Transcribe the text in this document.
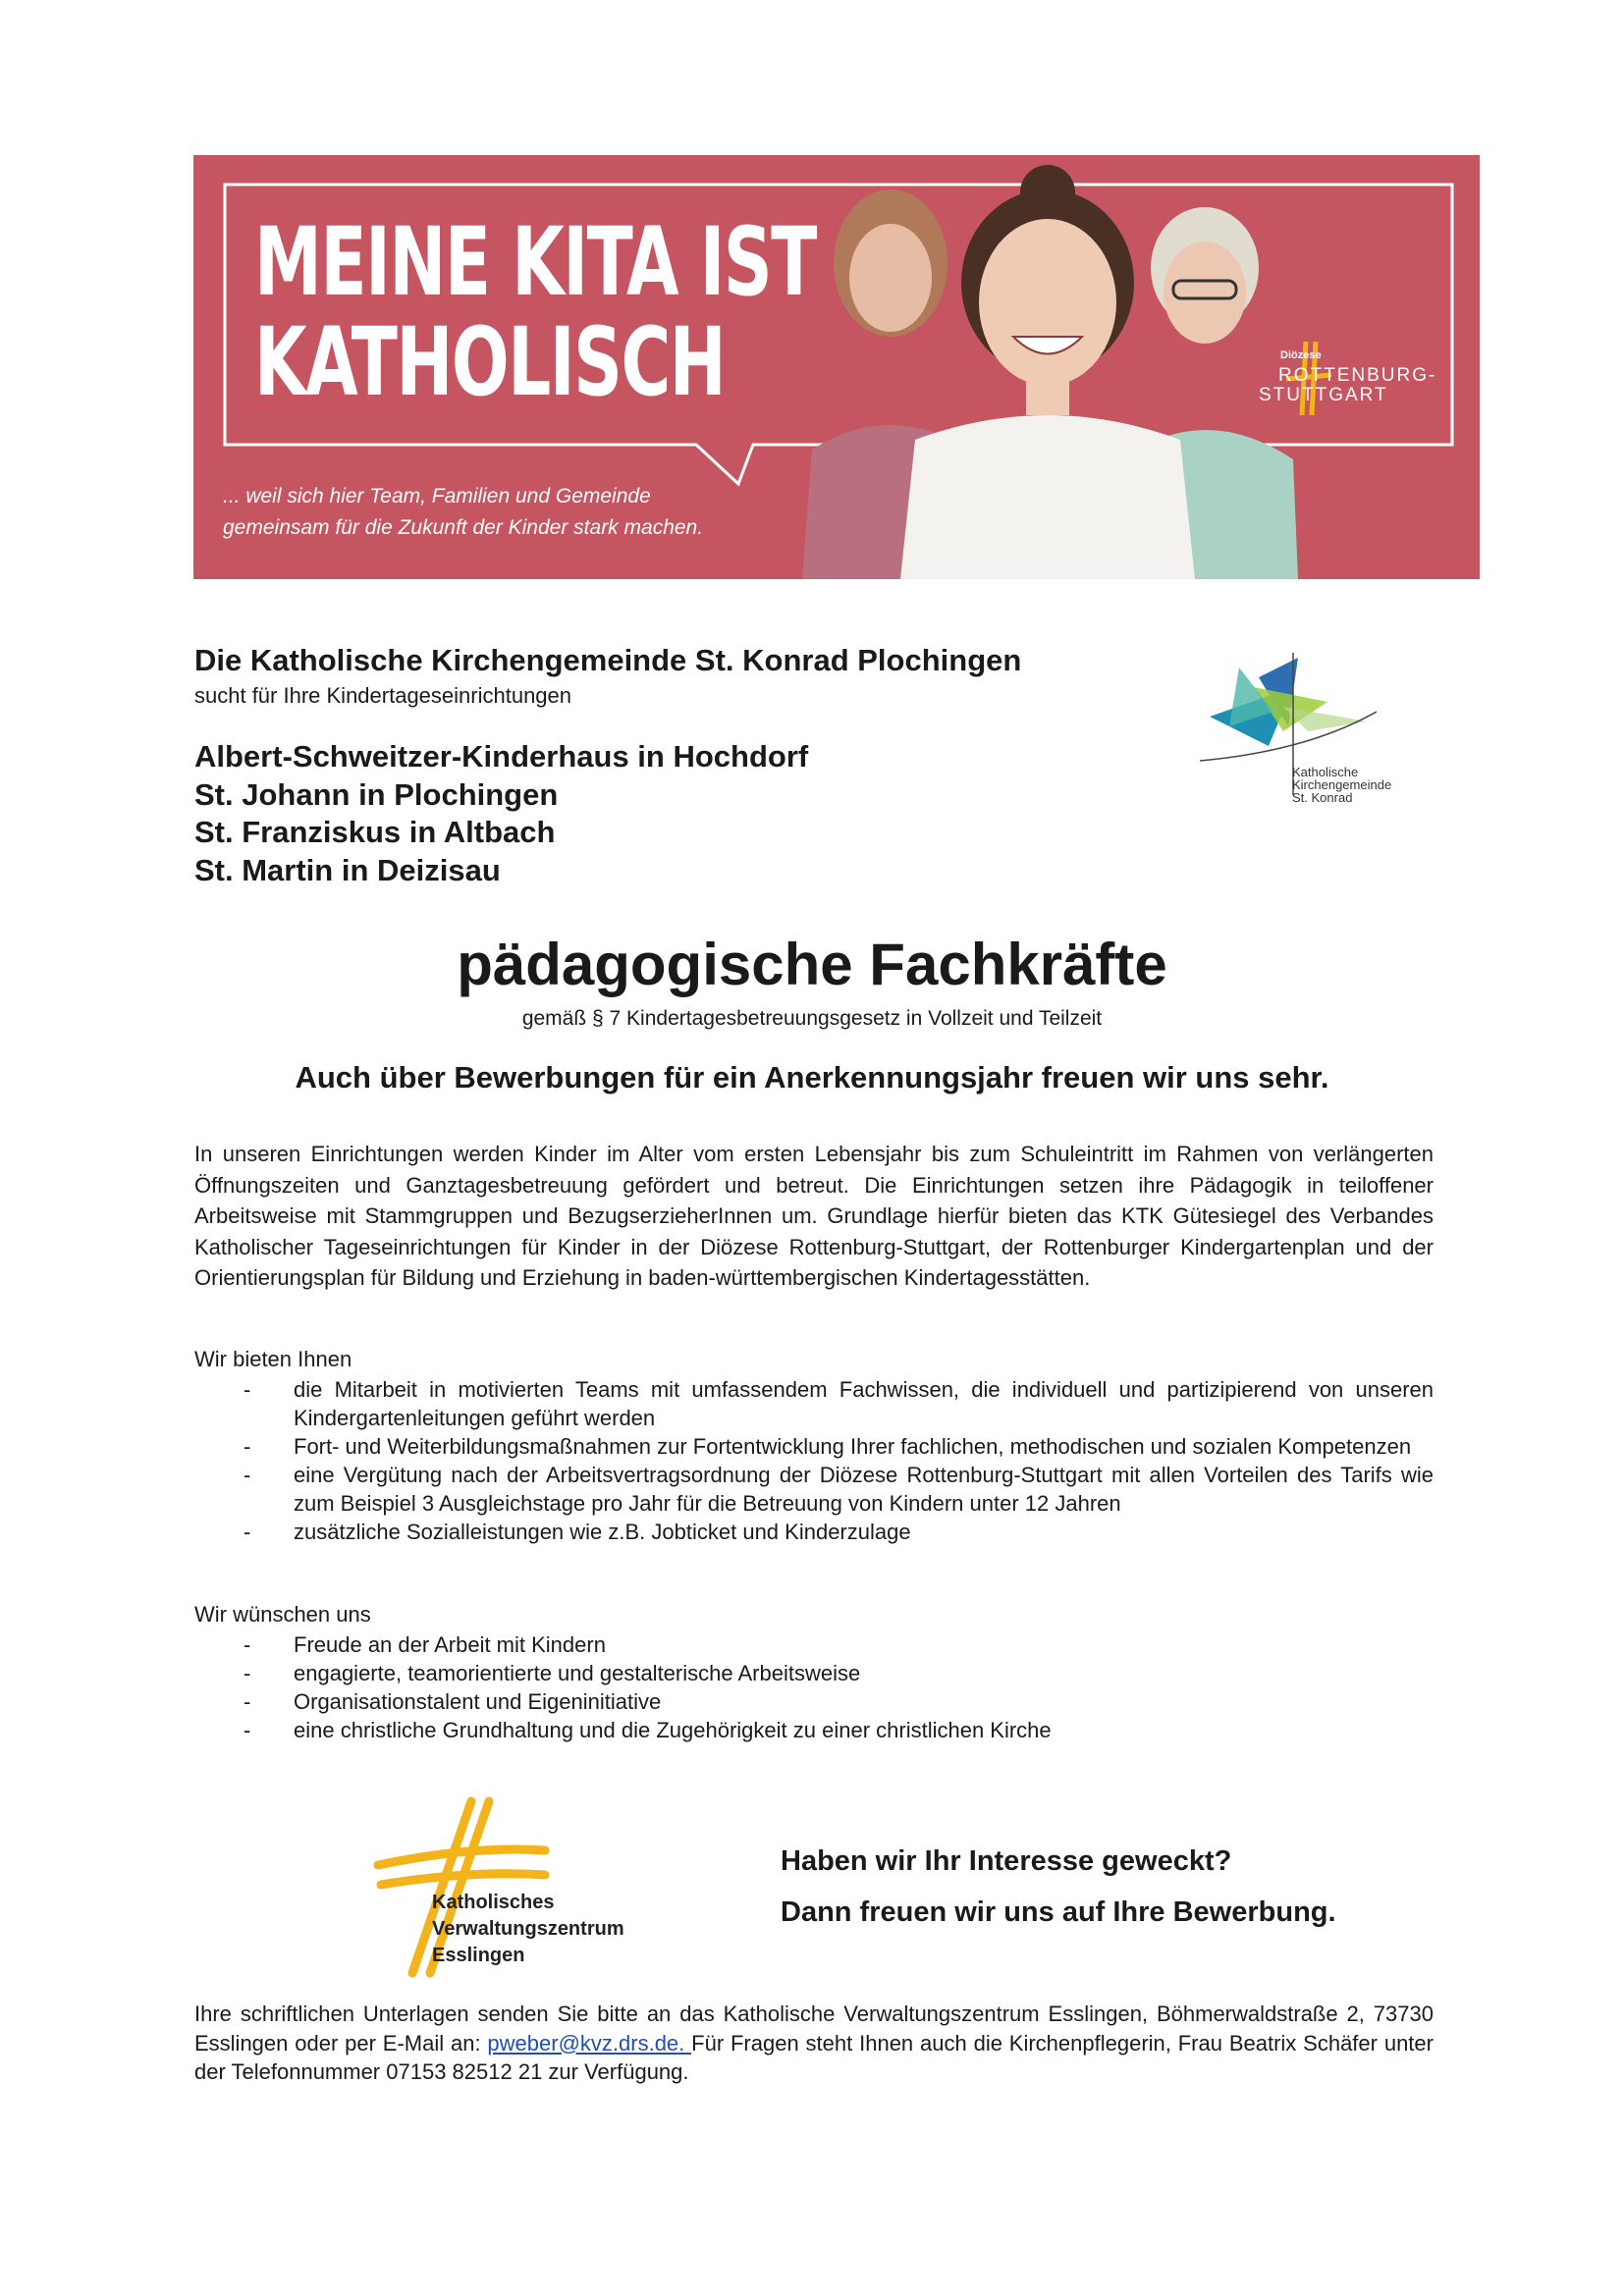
MEINE KITA IST
KATHOLISCH
... weil sich hier Team, Familien und Gemeinde
gemeinsam für die Zukunft der Kinder stark machen.
Diözese
ROTTENBURG-
STUTTGART
Die Katholische Kirchengemeinde St. Konrad Plochingen
sucht für Ihre Kindertageseinrichtungen
Albert-Schweitzer-Kinderhaus in Hochdorf
St. Johann in Plochingen
St. Franziskus in Altbach
St. Martin in Deizisau
Katholische
Kirchengemeinde
St. Konrad
pädagogische Fachkräfte
gemäß § 7 Kindertagesbetreuungsgesetz in Vollzeit und Teilzeit
Auch über Bewerbungen für ein Anerkennungsjahr freuen wir uns sehr.

In unseren Einrichtungen werden Kinder im Alter vom ersten Lebensjahr bis zum Schuleintritt im Rahmen von verlängerten Öffnungszeiten und Ganztagesbetreuung gefördert und betreut. Die Einrichtungen setzen ihre Pädagogik in teiloffener Arbeitsweise mit Stammgruppen und BezugserzieherInnen um. Grundlage hierfür bieten das KTK Gütesiegel des Verbandes Katholischer Tageseinrichtungen für Kinder in der Diözese Rottenburg-Stuttgart, der Rottenburger Kindergartenplan und der Orientierungsplan für Bildung und Erziehung in baden-württembergischen Kindertagesstätten.

Wir bieten Ihnen
- die Mitarbeit in motivierten Teams mit umfassendem Fachwissen, die individuell und partizipierend von unseren Kindergartenleitungen geführt werden
- Fort- und Weiterbildungsmaßnahmen zur Fortentwicklung Ihrer fachlichen, methodischen und sozialen Kompetenzen
- eine Vergütung nach der Arbeitsvertragsordnung der Diözese Rottenburg-Stuttgart mit allen Vorteilen des Tarifs wie zum Beispiel 3 Ausgleichstage pro Jahr für die Betreuung von Kindern unter 12 Jahren
- zusätzliche Sozialleistungen wie z.B. Jobticket und Kinderzulage
Wir wünschen uns
- Freude an der Arbeit mit Kindern
- engagierte, teamorientierte und gestalterische Arbeitsweise
- Organisationstalent und Eigeninitiative
- eine christliche Grundhaltung und die Zugehörigkeit zu einer christlichen Kirche
Katholisches
Verwaltungszentrum
Esslingen
Haben wir Ihr Interesse geweckt?
Dann freuen wir uns auf Ihre Bewerbung.

Ihre schriftlichen Unterlagen senden Sie bitte an das Katholische Verwaltungszentrum Esslingen, Böhmerwaldstraße 2, 73730 Esslingen oder per E-Mail an: pweber@kvz.drs.de. Für Fragen steht Ihnen auch die Kirchenpflegerin, Frau Beatrix Schäfer unter der Telefonnummer 07153 82512 21 zur Verfügung.
